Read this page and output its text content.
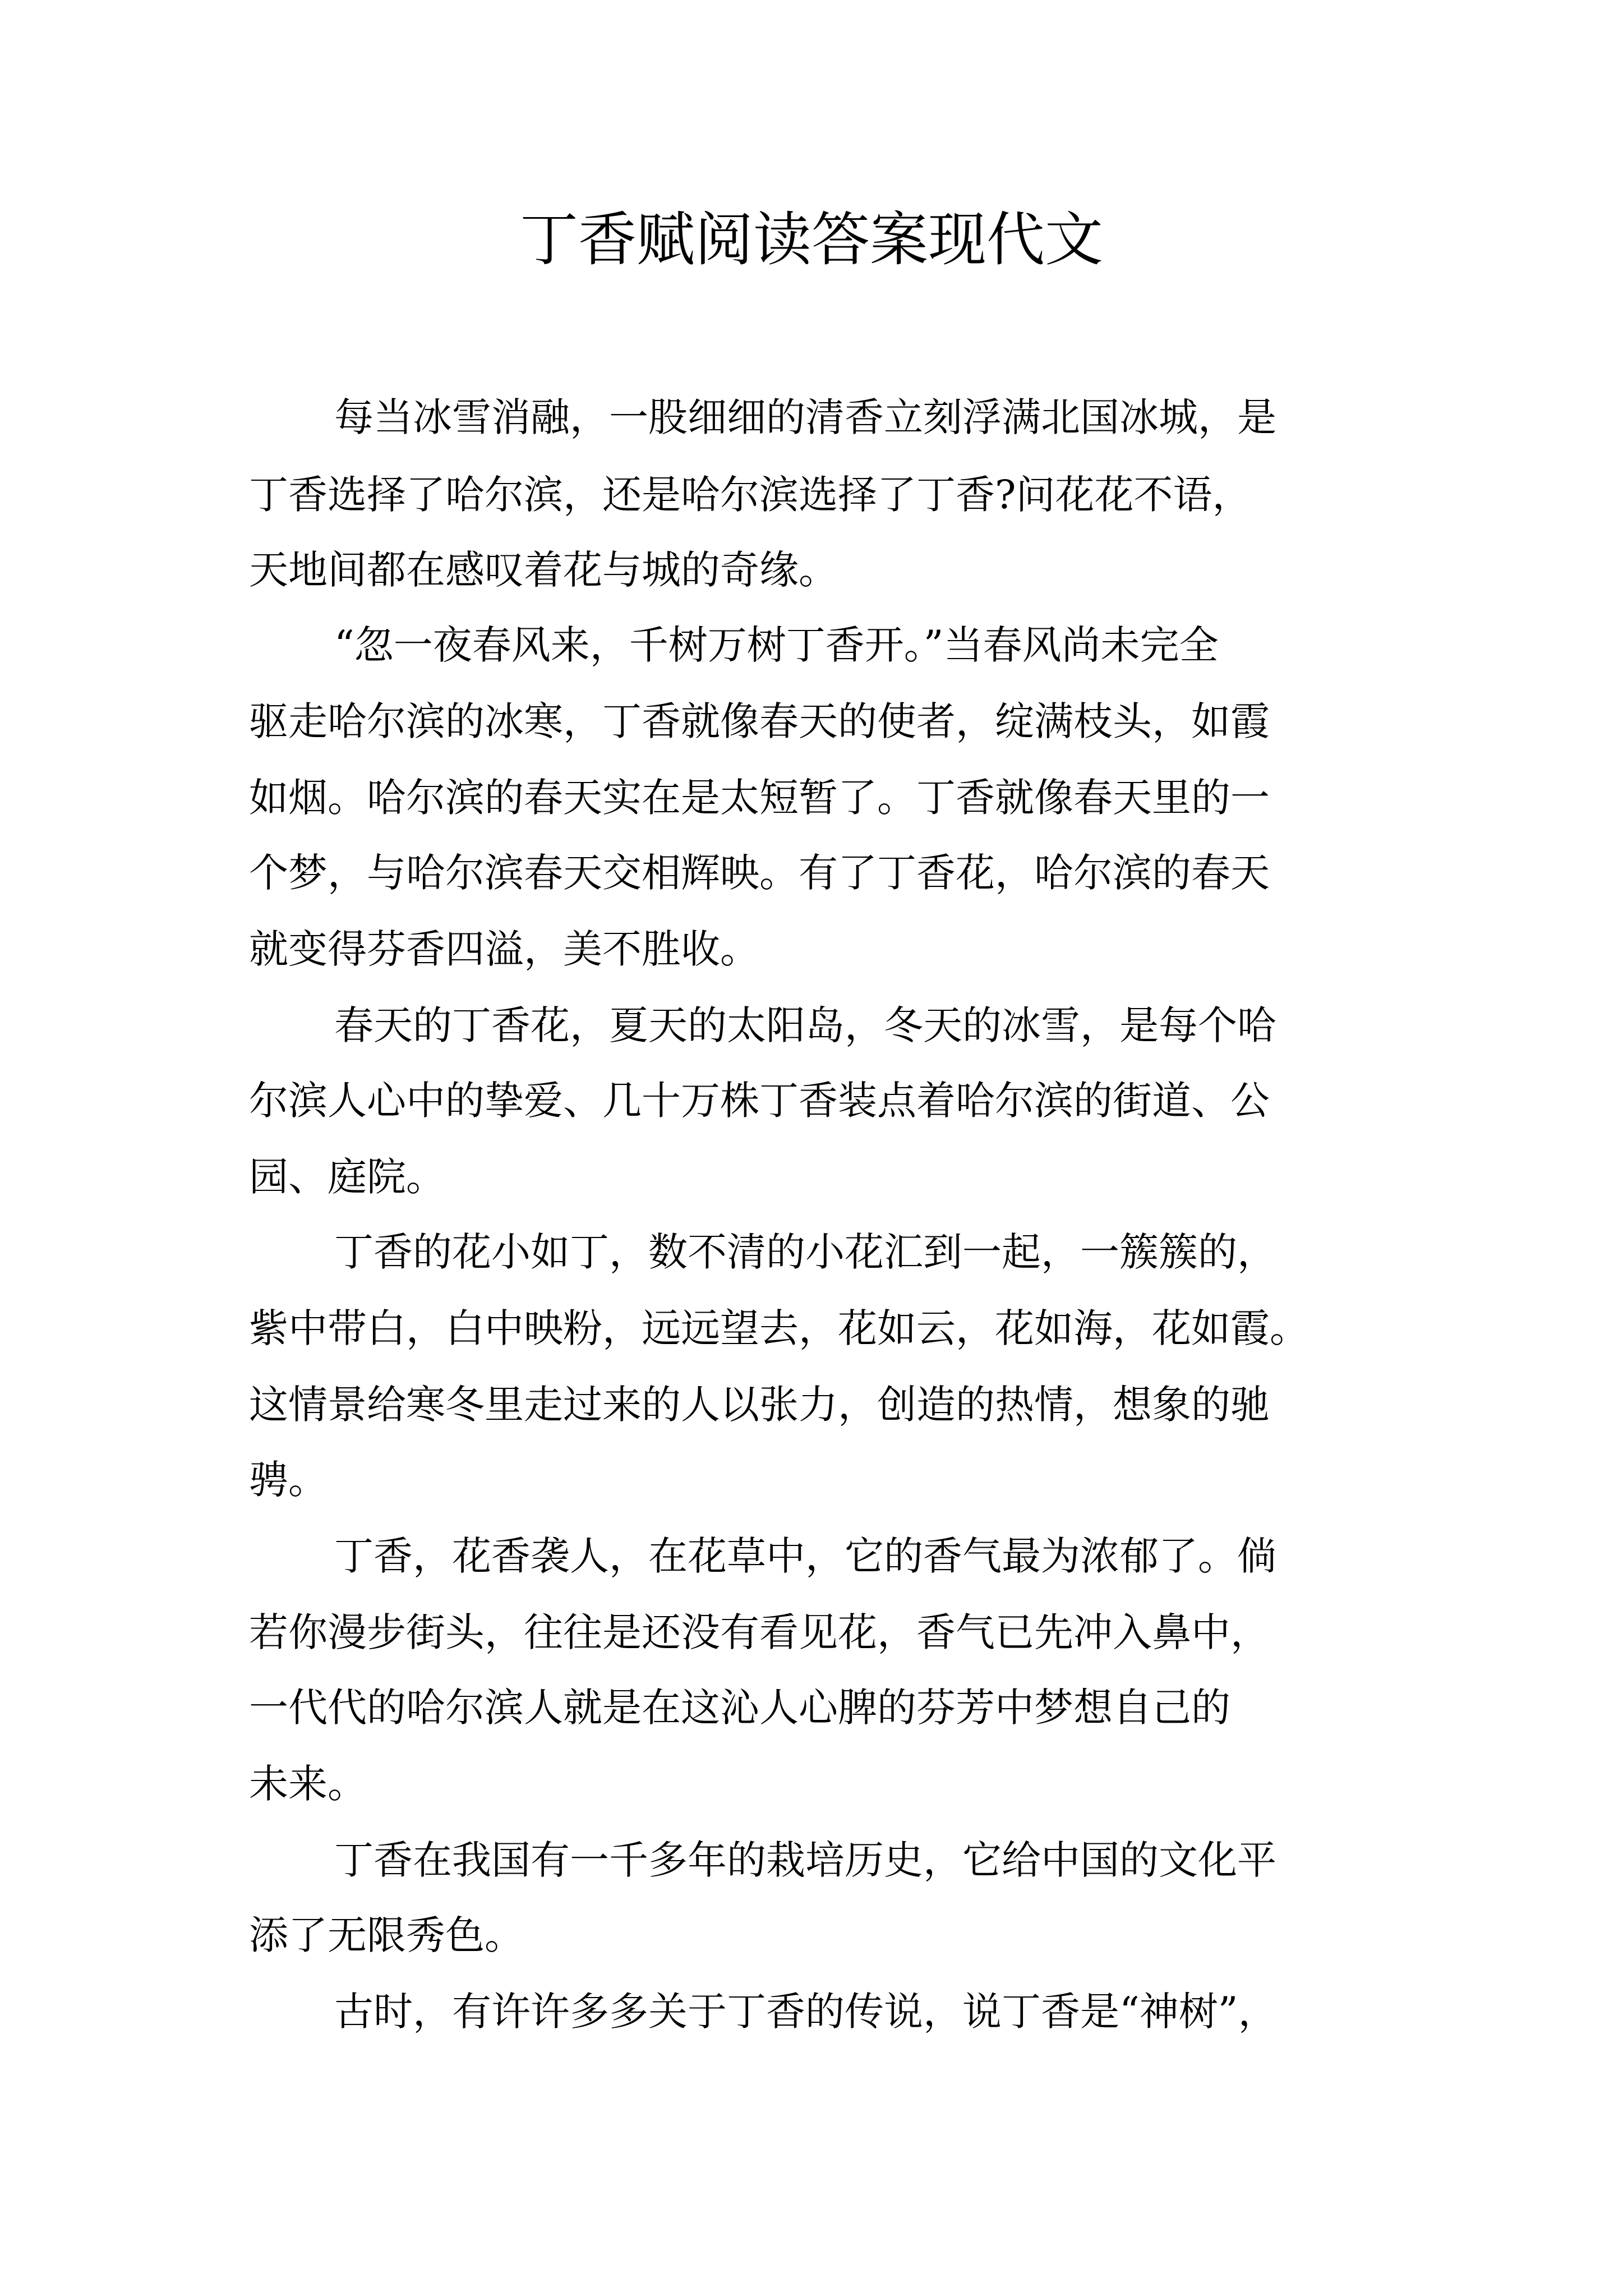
丁香赋阅读答案现代文
每当冰雪消融，一股细细的清香立刻浮满北国冰城，是
丁香选择了哈尔滨，还是哈尔滨选择了丁香?问花花不语，
天地间都在感叹着花与城的奇缘。
“忽一夜春风来，千树万树丁香开。”当春风尚未完全
驱走哈尔滨的冰寒，丁香就像春天的使者，绽满枝头，如霞
如烟。哈尔滨的春天实在是太短暂了。丁香就像春天里的一
个梦，与哈尔滨春天交相辉映。有了丁香花，哈尔滨的春天
就变得芬香四溢，美不胜收。
春天的丁香花，夏天的太阳岛，冬天的冰雪，是每个哈
尔滨人心中的挚爱、几十万株丁香装点着哈尔滨的街道、公
园、庭院。
丁香的花小如丁，数不清的小花汇到一起，一簇簇的，
紫中带白，白中映粉，远远望去，花如云，花如海，花如霞。
这情景给寒冬里走过来的人以张力，创造的热情，想象的驰
骋。
丁香，花香袭人，在花草中，它的香气最为浓郁了。倘
若你漫步街头，往往是还没有看见花，香气已先冲入鼻中，
一代代的哈尔滨人就是在这沁人心脾的芬芳中梦想自己的
未来。
丁香在我国有一千多年的栽培历史，它给中国的文化平
添了无限秀色。
古时，有许许多多关于丁香的传说，说丁香是“神树”，
